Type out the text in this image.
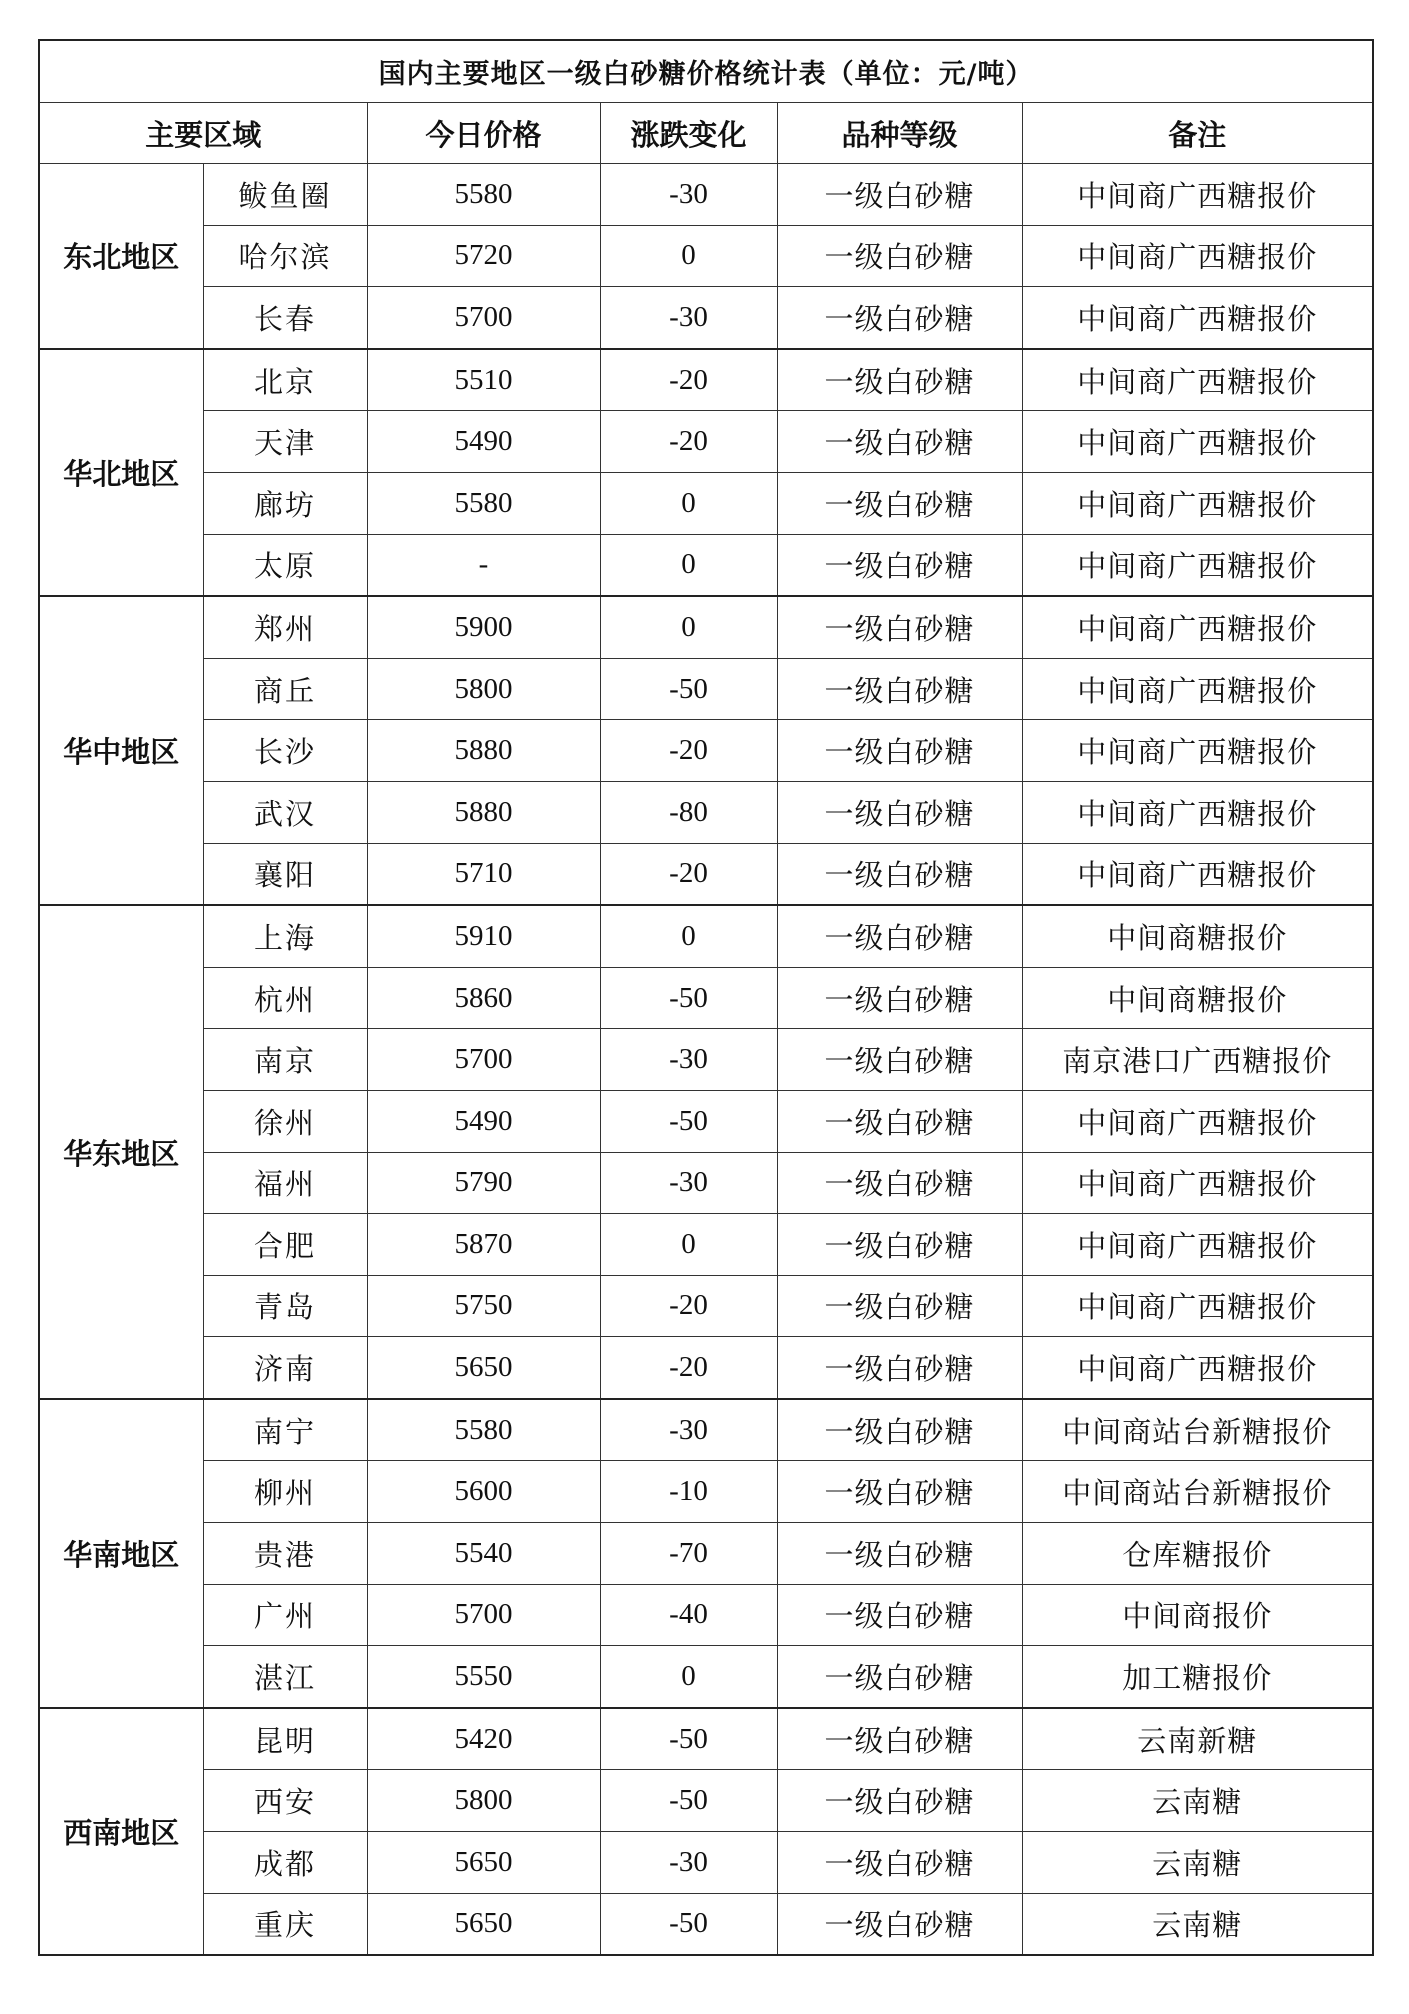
国内主要地区一级白砂糖价格统计表（单位：元/吨）					
主要区域		今日价格	涨跌变化	品种等级	备注
东北地区	鲅鱼圈	5580	-30	一级白砂糖	中间商广西糖报价
	哈尔滨	5720	0	一级白砂糖	中间商广西糖报价
	长春	5700	-30	一级白砂糖	中间商广西糖报价
华北地区	北京	5510	-20	一级白砂糖	中间商广西糖报价
	天津	5490	-20	一级白砂糖	中间商广西糖报价
	廊坊	5580	0	一级白砂糖	中间商广西糖报价
	太原	-	0	一级白砂糖	中间商广西糖报价
华中地区	郑州	5900	0	一级白砂糖	中间商广西糖报价
	商丘	5800	-50	一级白砂糖	中间商广西糖报价
	长沙	5880	-20	一级白砂糖	中间商广西糖报价
	武汉	5880	-80	一级白砂糖	中间商广西糖报价
	襄阳	5710	-20	一级白砂糖	中间商广西糖报价
华东地区	上海	5910	0	一级白砂糖	中间商糖报价
	杭州	5860	-50	一级白砂糖	中间商糖报价
	南京	5700	-30	一级白砂糖	南京港口广西糖报价
	徐州	5490	-50	一级白砂糖	中间商广西糖报价
	福州	5790	-30	一级白砂糖	中间商广西糖报价
	合肥	5870	0	一级白砂糖	中间商广西糖报价
	青岛	5750	-20	一级白砂糖	中间商广西糖报价
	济南	5650	-20	一级白砂糖	中间商广西糖报价
华南地区	南宁	5580	-30	一级白砂糖	中间商站台新糖报价
	柳州	5600	-10	一级白砂糖	中间商站台新糖报价
	贵港	5540	-70	一级白砂糖	仓库糖报价
	广州	5700	-40	一级白砂糖	中间商报价
	湛江	5550	0	一级白砂糖	加工糖报价
西南地区	昆明	5420	-50	一级白砂糖	云南新糖
	西安	5800	-50	一级白砂糖	云南糖
	成都	5650	-30	一级白砂糖	云南糖
	重庆	5650	-50	一级白砂糖	云南糖
